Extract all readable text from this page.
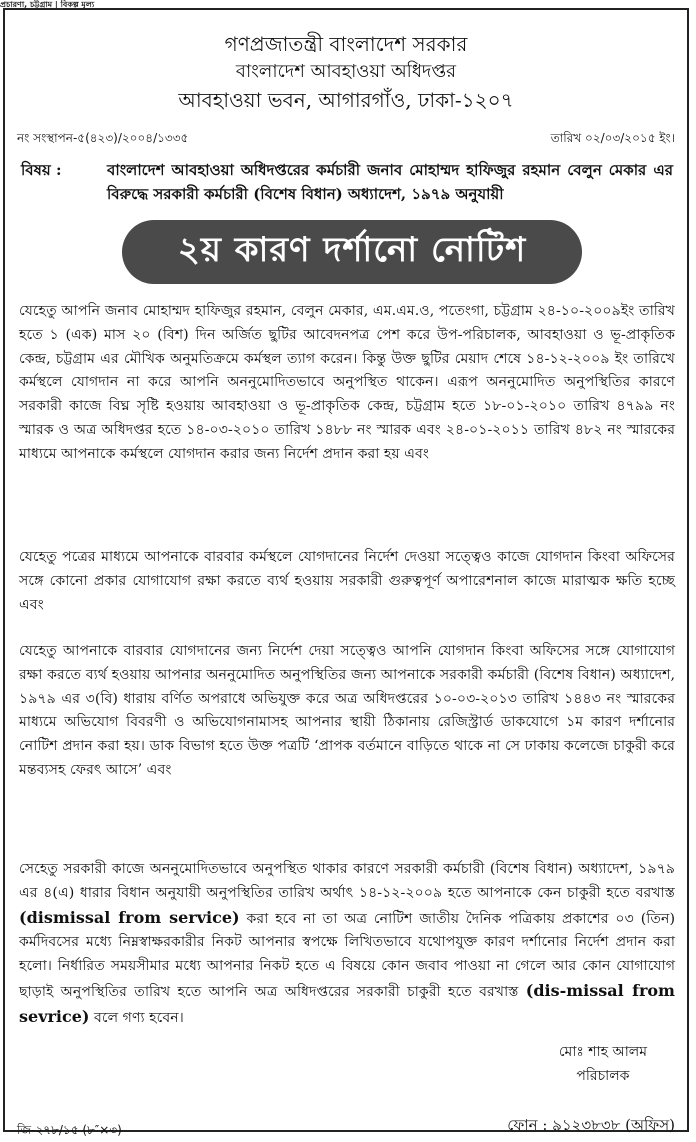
প্রচারণা, চট্টগ্রাম | বিকল্প মূল্য
গণপ্রজাতন্ত্রী বাংলাদেশ সরকার
বাংলাদেশ আবহাওয়া অধিদপ্তর
আবহাওয়া ভবন, আগারগাঁও, ঢাকা-১২০৭
নং সংস্থাপন-৫(৪২৩)/২০০৪/১৩৩৫	তারিখ ০২/০৩/২০১৫ ইং।
বিষয় :	বাংলাদেশ আবহাওয়া অধিদপ্তরের কর্মচারী জনাব মোহাম্মদ হাফিজুর রহমান বেলুন মেকার এর বিরুদ্ধে সরকারী কর্মচারী (বিশেষ বিধান) অধ্যাদেশ, ১৯৭৯ অনুযায়ী
২য় কারণ দর্শানো নোটিশ
যেহেতু আপনি জনাব মোহাম্মদ হাফিজুর রহমান, বেলুন মেকার, এম.এম.ও, পতেংগা, চট্টগ্রাম ২৪-১০-২০০৯ইং তারিখ হতে ১ (এক) মাস ২০ (বিশ) দিন অর্জিত ছুটির আবেদনপত্র পেশ করে উপ-পরিচালক, আবহাওয়া ও ভূ-প্রাকৃতিক কেন্দ্র, চট্টগ্রাম এর মৌখিক অনুমতিক্রমে কর্মস্থল ত্যাগ করেন। কিন্তু উক্ত ছুটির মেয়াদ শেষে ১৪-১২-২০০৯ ইং তারিখে কর্মস্থলে যোগদান না করে আপনি অননুমোদিতভাবে অনুপস্থিত থাকেন। এরূপ অননুমোদিত অনুপস্থিতির কারণে সরকারী কাজে বিঘ্ন সৃষ্টি হওয়ায় আবহাওয়া ও ভূ-প্রাকৃতিক কেন্দ্র, চট্টগ্রাম হতে ১৮-০১-২০১০ তারিখ ৪৭৯৯ নং স্মারক ও অত্র অধিদপ্তর হতে ১৪-০৩-২০১০ তারিখ ১৪৮৮ নং স্মারক এবং ২৪-০১-২০১১ তারিখ ৪৮২ নং স্মারকের মাধ্যমে আপনাকে কর্মস্থলে যোগদান করার জন্য নির্দেশ প্রদান করা হয় এবং
যেহেতু পত্রের মাধ্যমে আপনাকে বারবার কর্মস্থলে যোগদানের নির্দেশ দেওয়া সত্ত্বেও কাজে যোগদান কিংবা অফিসের সঙ্গে কোনো প্রকার যোগাযোগ রক্ষা করতে ব্যর্থ হওয়ায় সরকারী গুরুত্বপূর্ণ অপারেশনাল কাজে মারাত্মক ক্ষতি হচ্ছে এবং
যেহেতু আপনাকে বারবার যোগদানের জন্য নির্দেশ দেয়া সত্ত্বেও আপনি যোগদান কিংবা অফিসের সঙ্গে যোগাযোগ রক্ষা করতে ব্যর্থ হওয়ায় আপনার অননুমোদিত অনুপস্থিতির জন্য আপনাকে সরকারী কর্মচারী (বিশেষ বিধান) অধ্যাদেশ, ১৯৭৯ এর ৩(বি) ধারায় বর্ণিত অপরাধে অভিযুক্ত করে অত্র অধিদপ্তরের ১০-০৩-২০১৩ তারিখ ১৪৪৩ নং স্মারকের মাধ্যমে অভিযোগ বিবরণী ও অভিযোগনামাসহ আপনার স্থায়ী ঠিকানায় রেজিস্ট্রার্ড ডাকযোগে ১ম কারণ দর্শানোর নোটিশ প্রদান করা হয়। ডাক বিভাগ হতে উক্ত পত্রটি ‘প্রাপক বর্তমানে বাড়িতে থাকে না সে ঢাকায় কলেজে চাকুরী করে মন্তব্যসহ ফেরৎ আসে’ এবং
সেহেতু সরকারী কাজে অননুমোদিতভাবে অনুপস্থিত থাকার কারণে সরকারী কর্মচারী (বিশেষ বিধান) অধ্যাদেশ, ১৯৭৯ এর ৪(এ) ধারার বিধান অনুযায়ী অনুপস্থিতির তারিখ অর্থাৎ ১৪-১২-২০০৯ হতে আপনাকে কেন চাকুরী হতে বরখাস্ত (dismissal from service) করা হবে না তা অত্র নোটিশ জাতীয় দৈনিক পত্রিকায় প্রকাশের ০৩ (তিন) কর্মদিবসের মধ্যে নিম্নস্বাক্ষরকারীর নিকট আপনার স্বপক্ষে লিখিতভাবে যথোপযুক্ত কারণ দর্শানোর নির্দেশ প্রদান করা হলো। নির্ধারিত সময়সীমার মধ্যে আপনার নিকট হতে এ বিষয়ে কোন জবাব পাওয়া না গেলে আর কোন যোগাযোগ ছাড়াই অনুপস্থিতির তারিখ হতে আপনি অত্র অধিদপ্তরের সরকারী চাকুরী হতে বরখাস্ত (dis-missal from sevrice) বলে গণ্য হবেন।
মোঃ শাহ আলম
পরিচালক
জি-২৭৮/১৫ (৮″×৩)	ফোন : ৯১২৩৮৩৮ (অফিস)
